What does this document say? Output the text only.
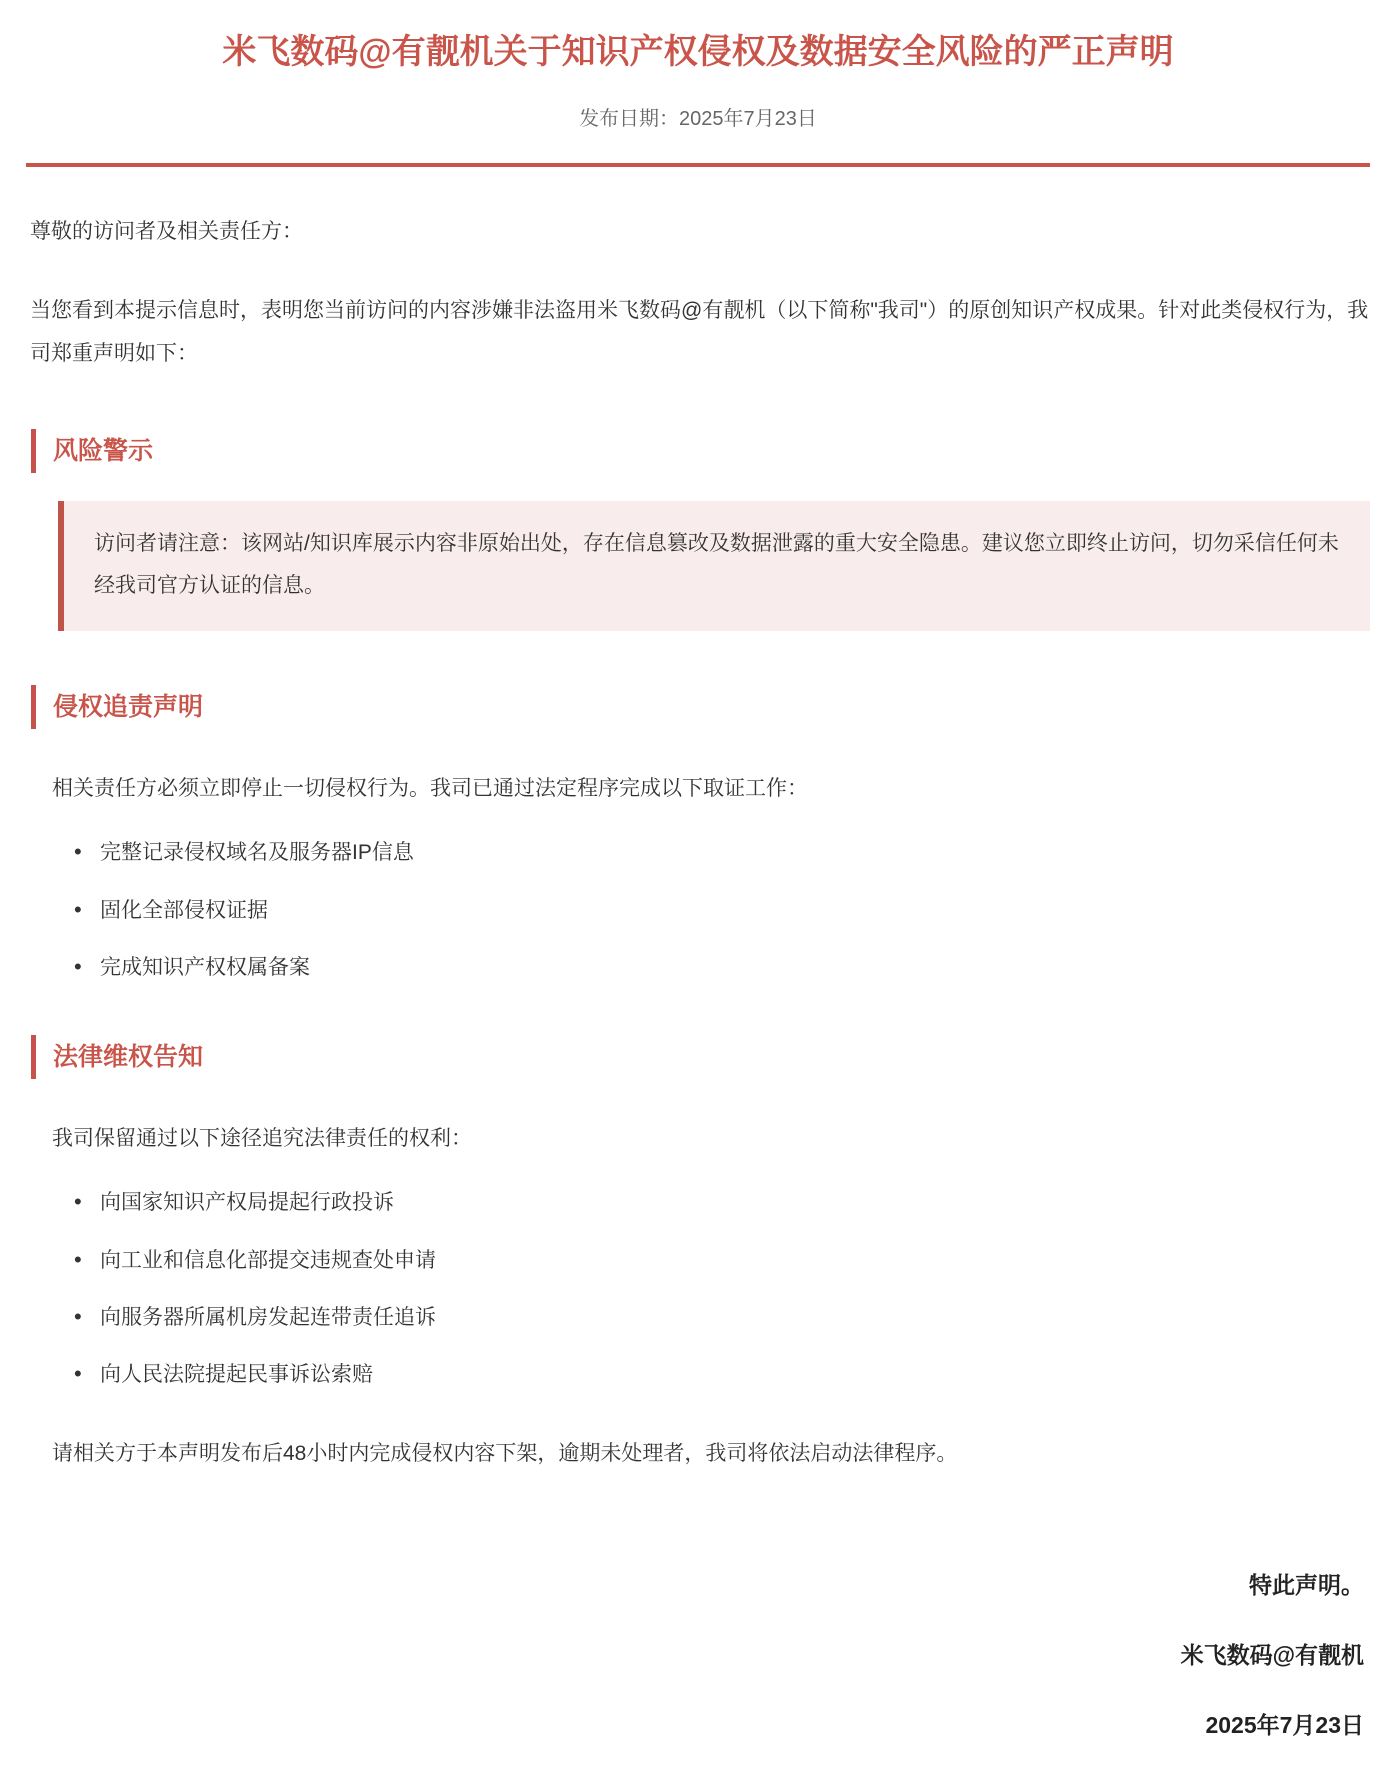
米飞数码@有靓机关于知识产权侵权及数据安全风险的严正声明
发布日期：2025年7月23日

尊敬的访问者及相关责任方：

当您看到本提示信息时，表明您当前访问的内容涉嫌非法盗用米飞数码@有靓机（以下简称"我司"）的原创知识产权成果。针对此类侵权行为，我司郑重声明如下：

风险警示
访问者请注意：该网站/知识库展示内容非原始出处，存在信息篡改及数据泄露的重大安全隐患。建议您立即终止访问，切勿采信任何未经我司官方认证的信息。
侵权追责声明

相关责任方必须立即停止一切侵权行为。我司已通过法定程序完成以下取证工作：

• 完整记录侵权域名及服务器IP信息
• 固化全部侵权证据
• 完成知识产权权属备案
法律维权告知

我司保留通过以下途径追究法律责任的权利：

• 向国家知识产权局提起行政投诉
• 向工业和信息化部提交违规查处申请
• 向服务器所属机房发起连带责任追诉
• 向人民法院提起民事诉讼索赔

请相关方于本声明发布后48小时内完成侵权内容下架，逾期未处理者，我司将依法启动法律程序。

特此声明。
米飞数码@有靓机
2025年7月23日
